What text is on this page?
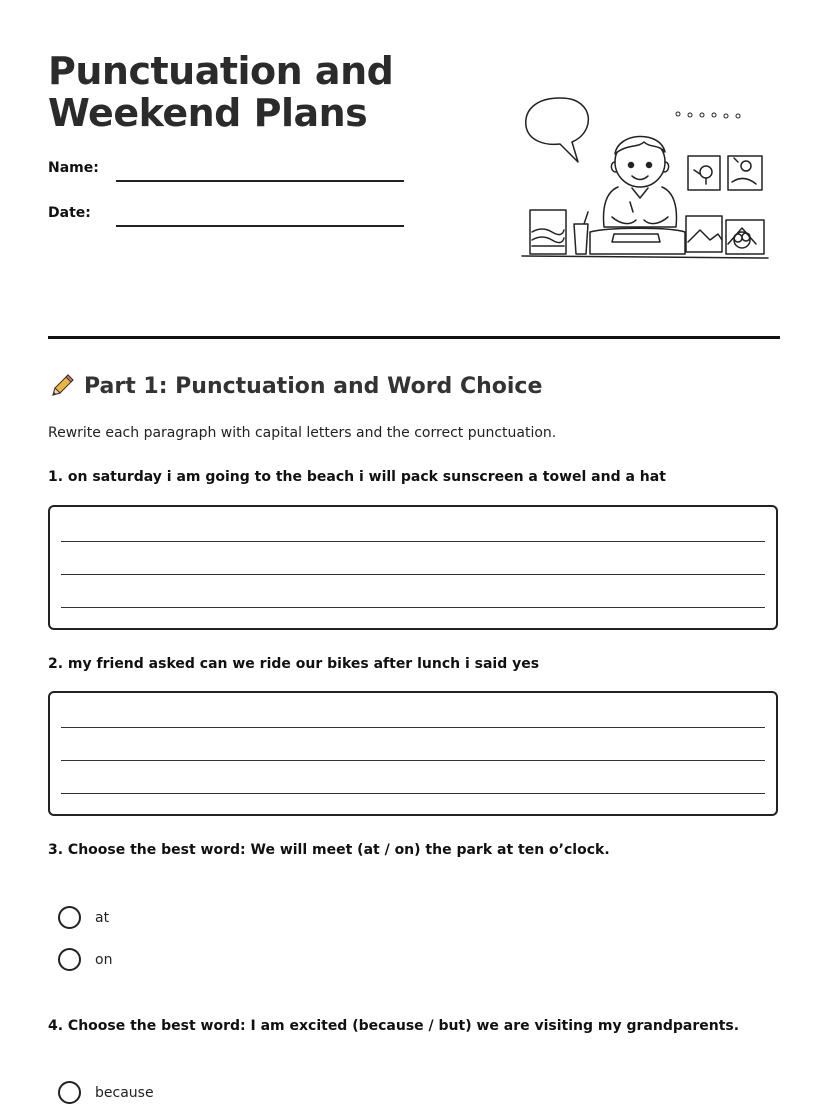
Punctuation and Weekend Plans
Name:
Date:
Part 1: Punctuation and Word Choice

Rewrite each paragraph with capital letters and the correct punctuation.

1. on saturday i am going to the beach i will pack sunscreen a towel and a hat
2. my friend asked can we ride our bikes after lunch i said yes
3. Choose the best word: We will meet (at / on) the park at ten o’clock.
at
on
4. Choose the best word: I am excited (because / but) we are visiting my grandparents.
because
